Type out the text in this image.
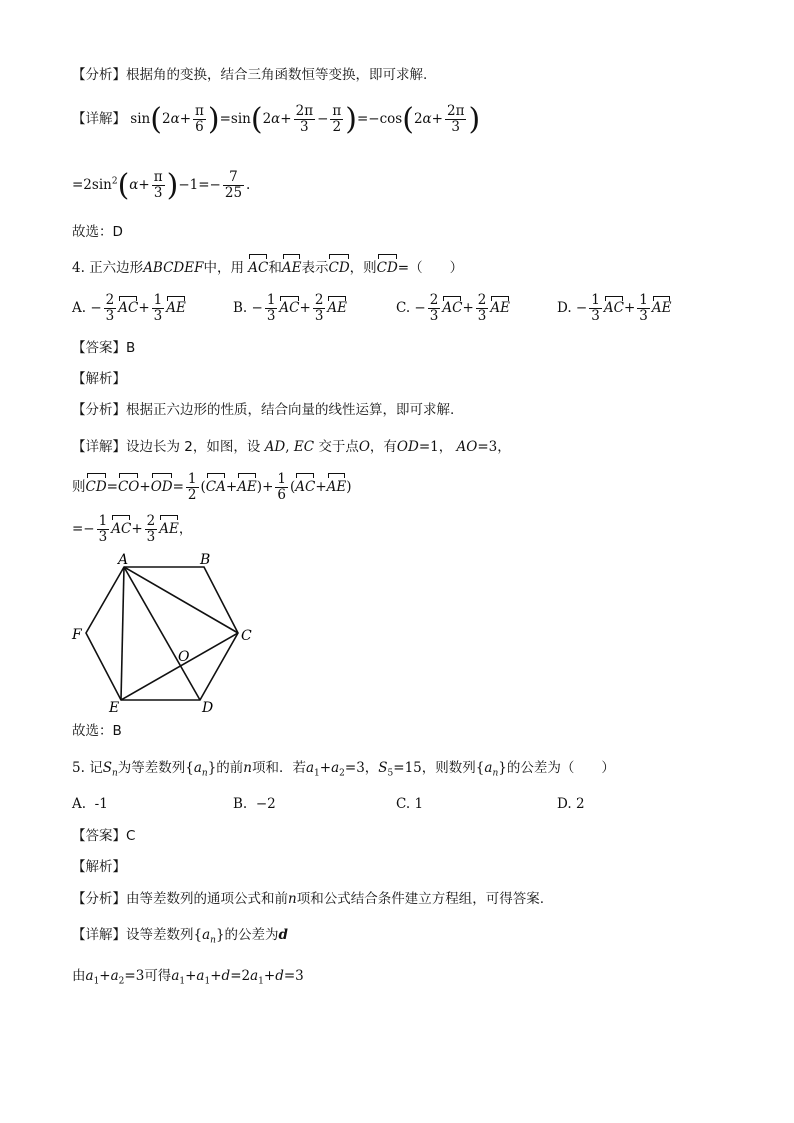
【分析】根据角的变换，结合三角函数恒等变换，即可求解.
【详解】 $\sin(2\alpha+ \frac{\pi}{6} )=\sin(2\alpha+ \frac{2\pi}{3} - \frac{\pi}{2} )=-\cos(2\alpha+ \frac{2\pi}{3}$ )
$=2\sin^2(\alpha+ \frac{\pi}{3} )-1=- \frac{7}{25}$ .
故选：D
4. 正六边形ABCDEF中，用 AC和AE表示CD，则CD=（　　）
A. − $\frac{2}{3} AC+ \frac{1}{3}$ AE	B. − $\frac{1}{3} AC+ \frac{2}{3}$ AE	C. − $\frac{2}{3} AC+ \frac{2}{3}$ AE	D. − $\frac{1}{3} AC+ \frac{1}{3}$ AE
【答案】B
【解析】
【分析】根据正六边形的性质，结合向量的线性运算，即可求解.
【详解】设边长为 2，如图，设 AD, EC 交于点O，有OD=1， AO=3，
则$CD=CO+OD= \frac{1}{2} (CA+AE)+ \frac{1}{6} (AC+AE)$
=− $\frac{1}{3} AC+ \frac{2}{3}$ AE，
A	B
C
D
E
F
O
故选：B
5. 记$S_n$为等差数列$\{a_n\}$的前n项和．若$a_1+a_2=3$，$S_5=15$，则数列$\{a_n\}$的公差为（　　）
A. -1	B. −2	C. 1	D. 2
【答案】C
【解析】
【分析】由等差数列的通项公式和前n项和公式结合条件建立方程组，可得答案.
【详解】设等差数列$\{a_n\}$的公差为d
由$a_1+a_2=3$可得$a_1+a_1+d=2a_1+d=3$
